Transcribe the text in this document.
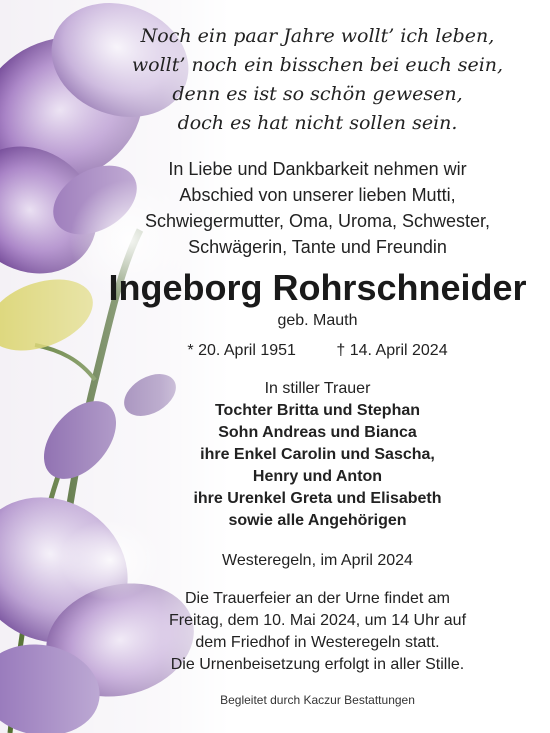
Noch ein paar Jahre wollt’ ich leben,
wollt’ noch ein bisschen bei euch sein,
denn es ist so schön gewesen,
doch es hat nicht sollen sein.
In Liebe und Dankbarkeit nehmen wir
Abschied von unserer lieben Mutti,
Schwiegermutter, Oma, Uroma, Schwester,
Schwägerin, Tante und Freundin
Ingeborg Rohrschneider
geb. Mauth
* 20. April 1951	† 14. April 2024
In stiller Trauer
Tochter Britta und Stephan
Sohn Andreas und Bianca
ihre Enkel Carolin und Sascha,
Henry und Anton
ihre Urenkel Greta und Elisabeth
sowie alle Angehörigen
Westeregeln, im April 2024
Die Trauerfeier an der Urne findet am
Freitag, dem 10. Mai 2024, um 14 Uhr auf
dem Friedhof in Westeregeln statt.
Die Urnenbeisetzung erfolgt in aller Stille.
Begleitet durch Kaczur Bestattungen
